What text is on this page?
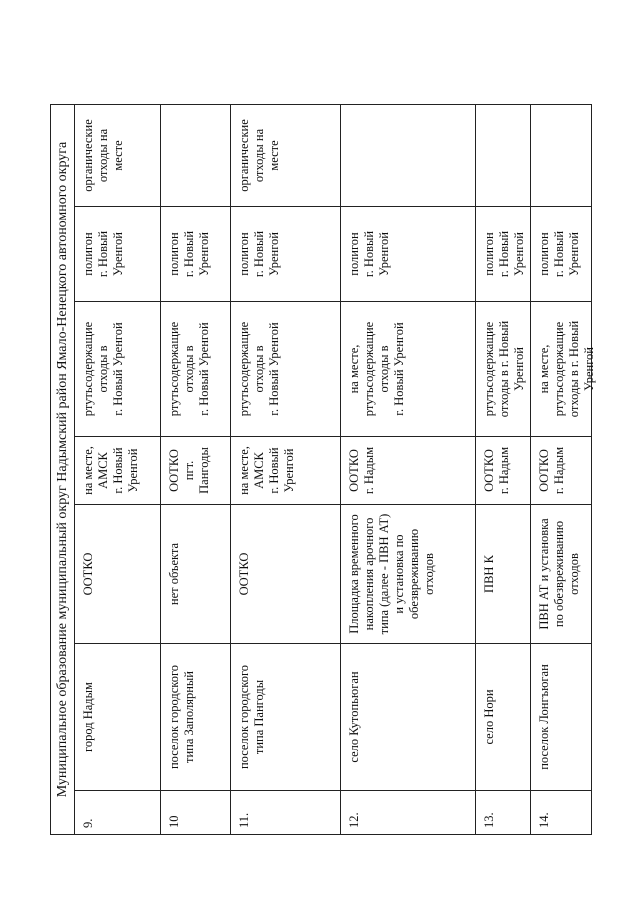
Муниципальное образование муниципальный округ Надымский район Ямало-Ненецкого автономного округа
9.
город Надым
ООТКО
на месте, АМСК г. Новый Уренгой
ртутьсодержащие отходы в г. Новый Уренгой
полигон г. Новый Уренгой
органические отходы на месте
10
поселок городского типа Заполярный
нет объекта
ООТКО пгт. Пангоды
ртутьсодержащие отходы в г. Новый Уренгой
полигон г. Новый Уренгой
11.
поселок городского типа Пангоды
ООТКО
на месте, АМСК г. Новый Уренгой
ртутьсодержащие отходы в г. Новый Уренгой
полигон г. Новый Уренгой
органические отходы на месте
12.
село Кутопьюган
Площадка временного накопления арочного типа (далее - ПВН АТ) и установка по обезвреживанию отходов
ООТКО г. Надым
на месте, ртутьсодержащие отходы в г. Новый Уренгой
полигон г. Новый Уренгой
13.
село Нори
ПВН К
ООТКО г. Надым
ртутьсодержащие отходы в г. Новый Уренгой
полигон г. Новый Уренгой
14.
поселок Лонгъюган
ПВН АТ и установка по обезвреживанию отходов
ООТКО г. Надым
на месте, ртутьсодержащие отходы в г. Новый Уренгой
полигон г. Новый Уренгой
